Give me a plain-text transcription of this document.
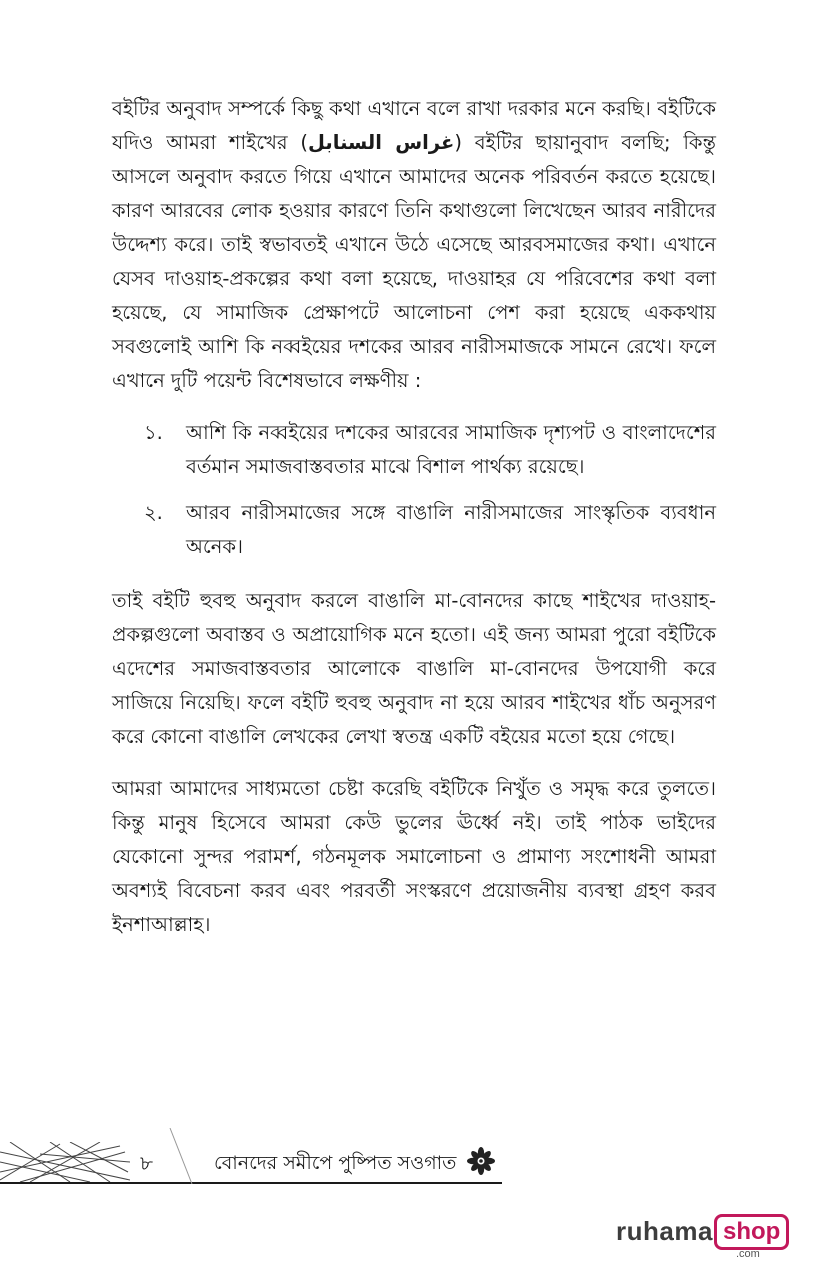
বইটির অনুবাদ সম্পর্কে কিছু কথা এখানে বলে রাখা দরকার মনে করছি। বইটিকে যদিও আমরা শাইখের (غراس السنابل) বইটির ছায়ানুবাদ বলছি; কিন্তু আসলে অনুবাদ করতে গিয়ে এখানে আমাদের অনেক পরিবর্তন করতে হয়েছে। কারণ আরবের লোক হওয়ার কারণে তিনি কথাগুলো লিখেছেন আরব নারীদের উদ্দেশ্য করে। তাই স্বভাবতই এখানে উঠে এসেছে আরবসমাজের কথা। এখানে যেসব দাওয়াহ-প্রকল্পের কথা বলা হয়েছে, দাওয়াহর যে পরিবেশের কথা বলা হয়েছে, যে সামাজিক প্রেক্ষাপটে আলোচনা পেশ করা হয়েছে এককথায় সবগুলোই আশি কি নব্বইয়ের দশকের আরব নারীসমাজকে সামনে রেখে। ফলে এখানে দুটি পয়েন্ট বিশেষভাবে লক্ষণীয় :

১.	আশি কি নব্বইয়ের দশকের আরবের সামাজিক দৃশ্যপট ও বাংলাদেশের বর্তমান সমাজবাস্তবতার মাঝে বিশাল পার্থক্য রয়েছে।
২.	আরব নারীসমাজের সঙ্গে বাঙালি নারীসমাজের সাংস্কৃতিক ব্যবধান অনেক।

তাই বইটি হুবহু অনুবাদ করলে বাঙালি মা-বোনদের কাছে শাইখের দাওয়াহ-প্রকল্পগুলো অবাস্তব ও অপ্রায়োগিক মনে হতো। এই জন্য আমরা পুরো বইটিকে এদেশের সমাজবাস্তবতার আলোকে বাঙালি মা-বোনদের উপযোগী করে সাজিয়ে নিয়েছি। ফলে বইটি হুবহু অনুবাদ না হয়ে আরব শাইখের ধাঁচ অনুসরণ করে কোনো বাঙালি লেখকের লেখা স্বতন্ত্র একটি বইয়ের মতো হয়ে গেছে।

আমরা আমাদের সাধ্যমতো চেষ্টা করেছি বইটিকে নিখুঁত ও সমৃদ্ধ করে তুলতে। কিন্তু মানুষ হিসেবে আমরা কেউ ভুলের ঊর্ধ্বে নই। তাই পাঠক ভাইদের যেকোনো সুন্দর পরামর্শ, গঠনমূলক সমালোচনা ও প্রামাণ্য সংশোধনী আমরা অবশ্যই বিবেচনা করব এবং পরবর্তী সংস্করণে প্রয়োজনীয় ব্যবস্থা গ্রহণ করব ইনশাআল্লাহ।

৮	বোনদের সমীপে পুষ্পিত সওগাত
ruhama shop
.com
